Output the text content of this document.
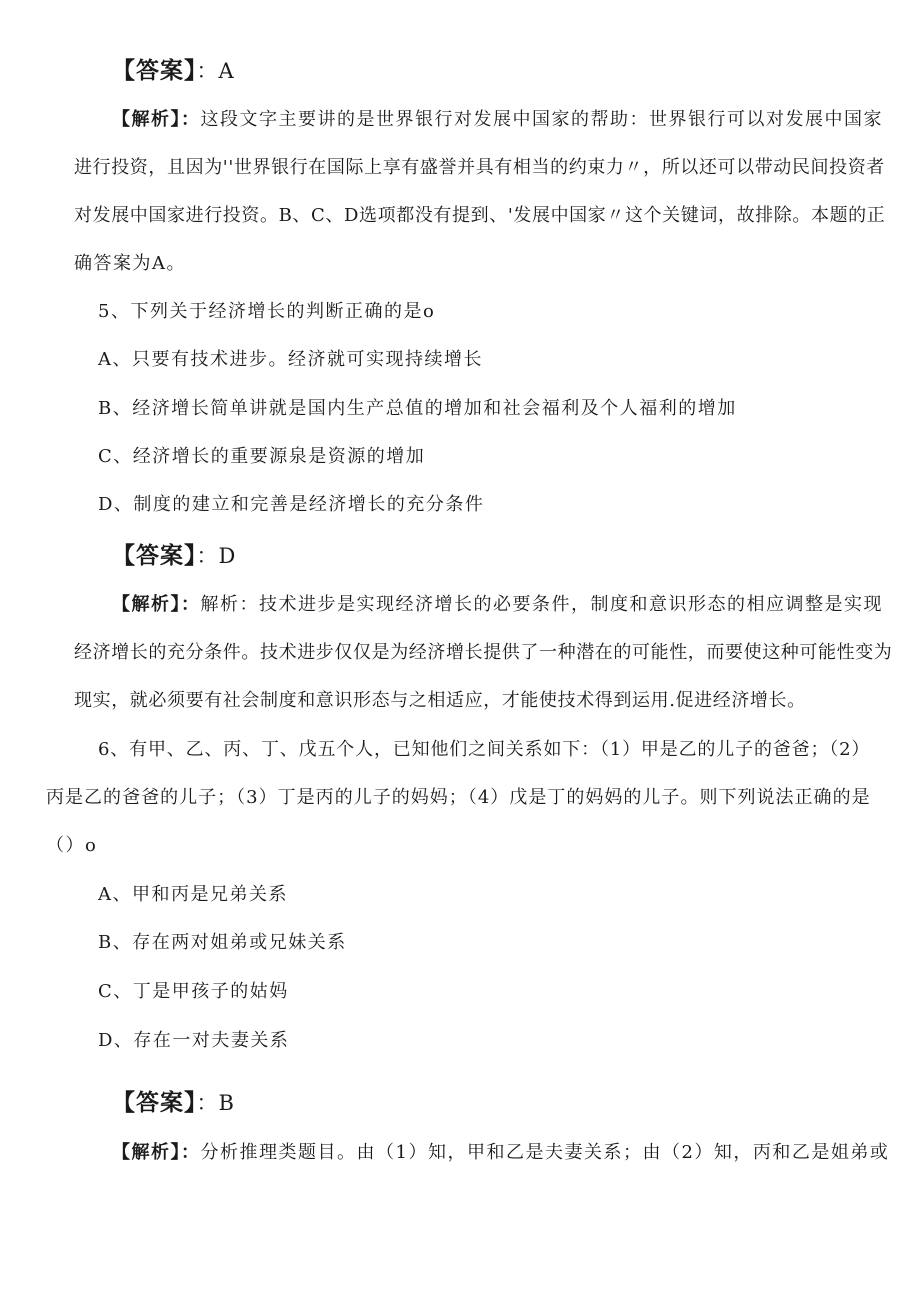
【答案】：A
【解析】：这段文字主要讲的是世界银行对发展中国家的帮助：世界银行可以对发展中国家
进行投资，且因为''世界银行在国际上享有盛誉并具有相当的约束力〃，所以还可以带动民间投资者
对发展中国家进行投资。B、C、D选项都没有提到、'发展中国家〃这个关键词，故排除。本题的正
确答案为A。
5、下列关于经济增长的判断正确的是o
A、只要有技术进步。经济就可实现持续增长
B、经济增长简单讲就是国内生产总值的增加和社会福利及个人福利的增加
C、经济增长的重要源泉是资源的增加
D、制度的建立和完善是经济增长的充分条件
【答案】：D
【解析】：解析：技术进步是实现经济增长的必要条件，制度和意识形态的相应调整是实现
经济增长的充分条件。技术进步仅仅是为经济增长提供了一种潜在的可能性，而要使这种可能性变为
现实，就必须要有社会制度和意识形态与之相适应，才能使技术得到运用.促进经济增长。
6、有甲、乙、丙、丁、戊五个人，已知他们之间关系如下：（1）甲是乙的儿子的爸爸；（2）
丙是乙的爸爸的儿子；（3）丁是丙的儿子的妈妈；（4）戊是丁的妈妈的儿子。则下列说法正确的是
（）o
A、甲和丙是兄弟关系
B、存在两对姐弟或兄妹关系
C、丁是甲孩子的姑妈
D、存在一对夫妻关系
【答案】：B
【解析】：分析推理类题目。由（1）知，甲和乙是夫妻关系；由（2）知，丙和乙是姐弟或
